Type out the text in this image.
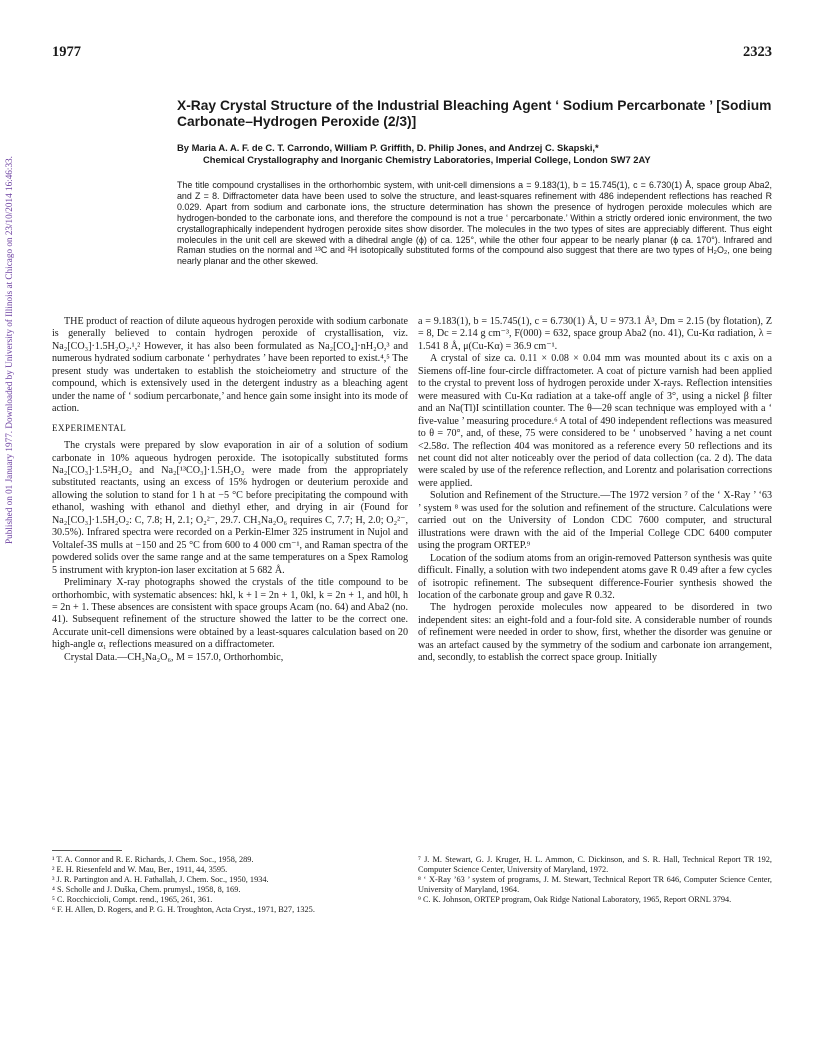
1977	2323
Published on 01 January 1977. Downloaded by University of Illinois at Chicago on 23/10/2014 16:46:33.
X-Ray Crystal Structure of the Industrial Bleaching Agent ‘ Sodium Percarbonate ’ [Sodium Carbonate–Hydrogen Peroxide (2/3)]
By Maria A. A. F. de C. T. Carrondo, William P. Griffith, D. Philip Jones, and Andrzej C. Skapski,*
Chemical Crystallography and Inorganic Chemistry Laboratories, Imperial College, London SW7 2AY
The title compound crystallises in the orthorhombic system, with unit-cell dimensions a = 9.183(1), b = 15.745(1), c = 6.730(1) Å, space group Aba2, and Z = 8. Diffractometer data have been used to solve the structure, and least-squares refinement with 486 independent reflections has reached R 0.029. Apart from sodium and carbonate ions, the structure determination has shown the presence of hydrogen peroxide molecules which are hydrogen-bonded to the carbonate ions, and therefore the compound is not a true ‘ percarbonate.’ Within a strictly ordered ionic environment, the two crystallographically independent hydrogen peroxide sites show disorder. The molecules in the two types of sites are appreciably different. Thus eight molecules in the unit cell are skewed with a dihedral angle (ϕ) of ca. 125°, while the other four appear to be nearly planar (ϕ ca. 170°). Infrared and Raman studies on the normal and ¹³C and ²H isotopically substituted forms of the compound also suggest that there are two types of H₂O₂, one being nearly planar and the other skewed.

THE product of reaction of dilute aqueous hydrogen peroxide with sodium carbonate is generally believed to contain hydrogen peroxide of crystallisation, viz. Na₂[CO₃]·1.5H₂O₂.¹,² However, it has also been formulated as Na₂[CO₄]·nH₂O,³ and numerous hydrated sodium carbonate ‘ perhydrates ’ have been reported to exist.⁴,⁵ The present study was undertaken to establish the stoicheiometry and structure of the compound, which is extensively used in the detergent industry as a bleaching agent under the name of ‘ sodium percarbonate,’ and hence gain some insight into its mode of action.

EXPERIMENTAL

The crystals were prepared by slow evaporation in air of a solution of sodium carbonate in 10% aqueous hydrogen peroxide. The isotopically substituted forms Na₂[CO₃]·1.5²H₂O₂ and Na₂[¹³CO₃]·1.5H₂O₂ were made from the appropriately substituted reactants, using an excess of 15% hydrogen or deuterium peroxide and allowing the solution to stand for 1 h at −5 °C before precipitating the compound with ethanol, washing with ethanol and diethyl ether, and drying in air (Found for Na₂[CO₃]·1.5H₂O₂: C, 7.8; H, 2.1; O₂²⁻, 29.7. CH₃Na₂O₆ requires C, 7.7; H, 2.0; O₂²⁻, 30.5%). Infrared spectra were recorded on a Perkin-Elmer 325 instrument in Nujol and Voltalef-3S mulls at −150 and 25 °C from 600 to 4 000 cm⁻¹, and Raman spectra of the powdered solids over the same range and at the same temperatures on a Spex Ramolog 5 instrument with krypton-ion laser excitation at 5 682 Å.

Preliminary X-ray photographs showed the crystals of the title compound to be orthorhombic, with systematic absences: hkl, k + l = 2n + 1, 0kl, k = 2n + 1, and h0l, h = 2n + 1. These absences are consistent with space groups Acam (no. 64) and Aba2 (no. 41). Subsequent refinement of the structure showed the latter to be the correct one. Accurate unit-cell dimensions were obtained by a least-squares calculation based on 20 high-angle α₁ reflections measured on a diffractometer.

Crystal Data.—CH₃Na₂O₆, M = 157.0, Orthorhombic,

a = 9.183(1), b = 15.745(1), c = 6.730(1) Å, U = 973.1 Å³, Dm = 2.15 (by flotation), Z = 8, Dc = 2.14 g cm⁻³, F(000) = 632, space group Aba2 (no. 41), Cu-Kα radiation, λ = 1.541 8 Å, μ(Cu-Kα) = 36.9 cm⁻¹.

A crystal of size ca. 0.11 × 0.08 × 0.04 mm was mounted about its c axis on a Siemens off-line four-circle diffractometer. A coat of picture varnish had been applied to the crystal to prevent loss of hydrogen peroxide under X-rays. Reflection intensities were measured with Cu-Kα radiation at a take-off angle of 3°, using a nickel β filter and an Na(Tl)I scintillation counter. The θ—2θ scan technique was employed with a ‘ five-value ’ measuring procedure.⁶ A total of 490 independent reflections was measured to θ = 70°, and, of these, 75 were considered to be ‘ unobserved ’ having a net count <2.58σ. The reflection 404 was monitored as a reference every 50 reflections and its net count did not alter noticeably over the period of data collection (ca. 2 d). The data were scaled by use of the reference reflection, and Lorentz and polarisation corrections were applied.

Solution and Refinement of the Structure.—The 1972 version ⁷ of the ‘ X-Ray ’ ‘63 ’ system ⁸ was used for the solution and refinement of the structure. Calculations were carried out on the University of London CDC 7600 computer, and structural illustrations were drawn with the aid of the Imperial College CDC 6400 computer using the program ORTEP.⁹

Location of the sodium atoms from an origin-removed Patterson synthesis was quite difficult. Finally, a solution with two independent atoms gave R 0.49 after a few cycles of isotropic refinement. The subsequent difference-Fourier synthesis showed the location of the carbonate group and gave R 0.32.

The hydrogen peroxide molecules now appeared to be disordered in two independent sites: an eight-fold and a four-fold site. A considerable number of rounds of refinement were needed in order to show, first, whether the disorder was genuine or was an artefact caused by the symmetry of the sodium and carbonate ion arrangement, and, secondly, to establish the correct space group. Initially

¹ T. A. Connor and R. E. Richards, J. Chem. Soc., 1958, 289.

² E. H. Riesenfeld and W. Mau, Ber., 1911, 44, 3595.

³ J. R. Partington and A. H. Fathallah, J. Chem. Soc., 1950, 1934.

⁴ S. Scholle and J. Duška, Chem. prumysl., 1958, 8, 169.

⁵ C. Rocchiccioli, Compt. rend., 1965, 261, 361.

⁶ F. H. Allen, D. Rogers, and P. G. H. Troughton, Acta Cryst., 1971, B27, 1325.

⁷ J. M. Stewart, G. J. Kruger, H. L. Ammon, C. Dickinson, and S. R. Hall, Technical Report TR 192, Computer Science Center, University of Maryland, 1972.

⁸ ‘ X-Ray ’63 ’ system of programs, J. M. Stewart, Technical Report TR 646, Computer Science Center, University of Maryland, 1964.

⁹ C. K. Johnson, ORTEP program, Oak Ridge National Laboratory, 1965, Report ORNL 3794.
